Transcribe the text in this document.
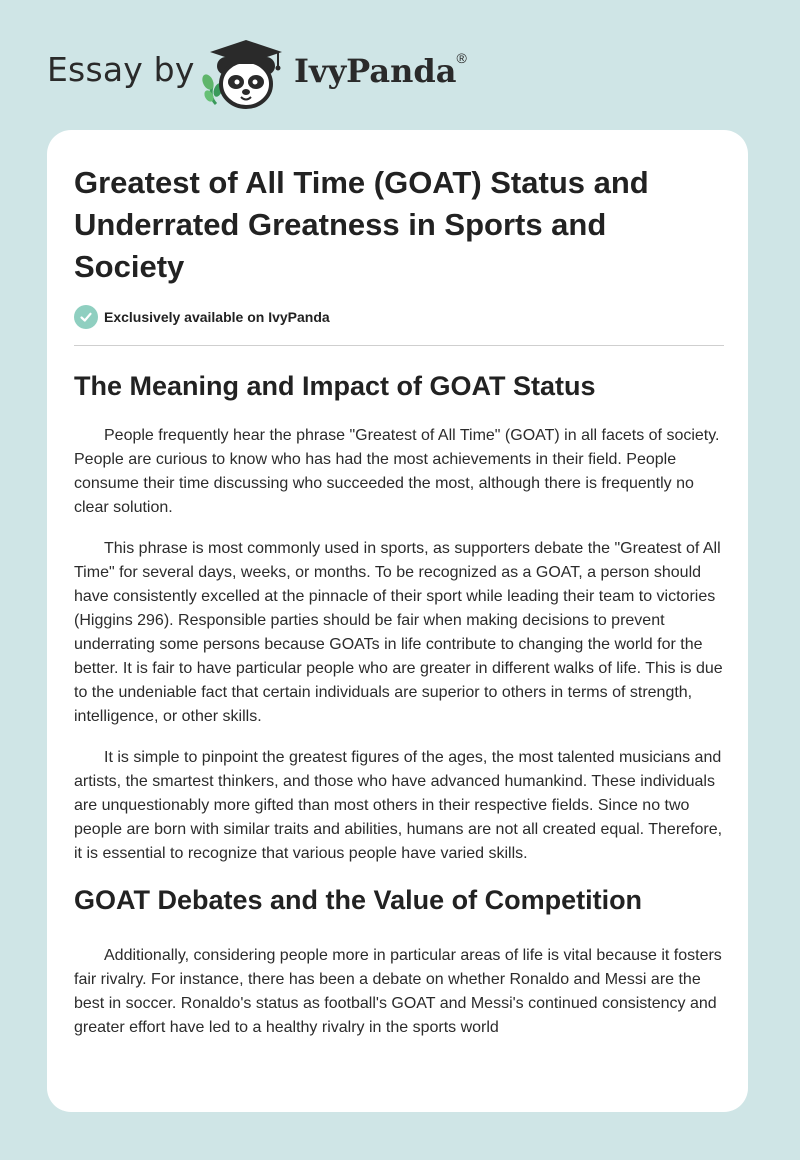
Essay by	IvyPanda®
Greatest of All Time (GOAT) Status and Underrated Greatness in Sports and Society
Exclusively available on IvyPanda
The Meaning and Impact of GOAT Status

People frequently hear the phrase "Greatest of All Time" (GOAT) in all facets of society. People are curious to know who has had the most achievements in their field. People consume their time discussing who succeeded the most, although there is frequently no clear solution.

This phrase is most commonly used in sports, as supporters debate the "Greatest of All Time" for several days, weeks, or months. To be recognized as a GOAT, a person should have consistently excelled at the pinnacle of their sport while leading their team to victories (Higgins 296). Responsible parties should be fair when making decisions to prevent underrating some persons because GOATs in life contribute to changing the world for the better. It is fair to have particular people who are greater in different walks of life. This is due to the undeniable fact that certain individuals are superior to others in terms of strength, intelligence, or other skills.

It is simple to pinpoint the greatest figures of the ages, the most talented musicians and artists, the smartest thinkers, and those who have advanced humankind. These individuals are unquestionably more gifted than most others in their respective fields. Since no two people are born with similar traits and abilities, humans are not all created equal. Therefore, it is essential to recognize that various people have varied skills.

GOAT Debates and the Value of Competition

Additionally, considering people more in particular areas of life is vital because it fosters fair rivalry. For instance, there has been a debate on whether Ronaldo and Messi are the best in soccer. Ronaldo's status as football's GOAT and Messi's continued consistency and greater effort have led to a healthy rivalry in the sports world
